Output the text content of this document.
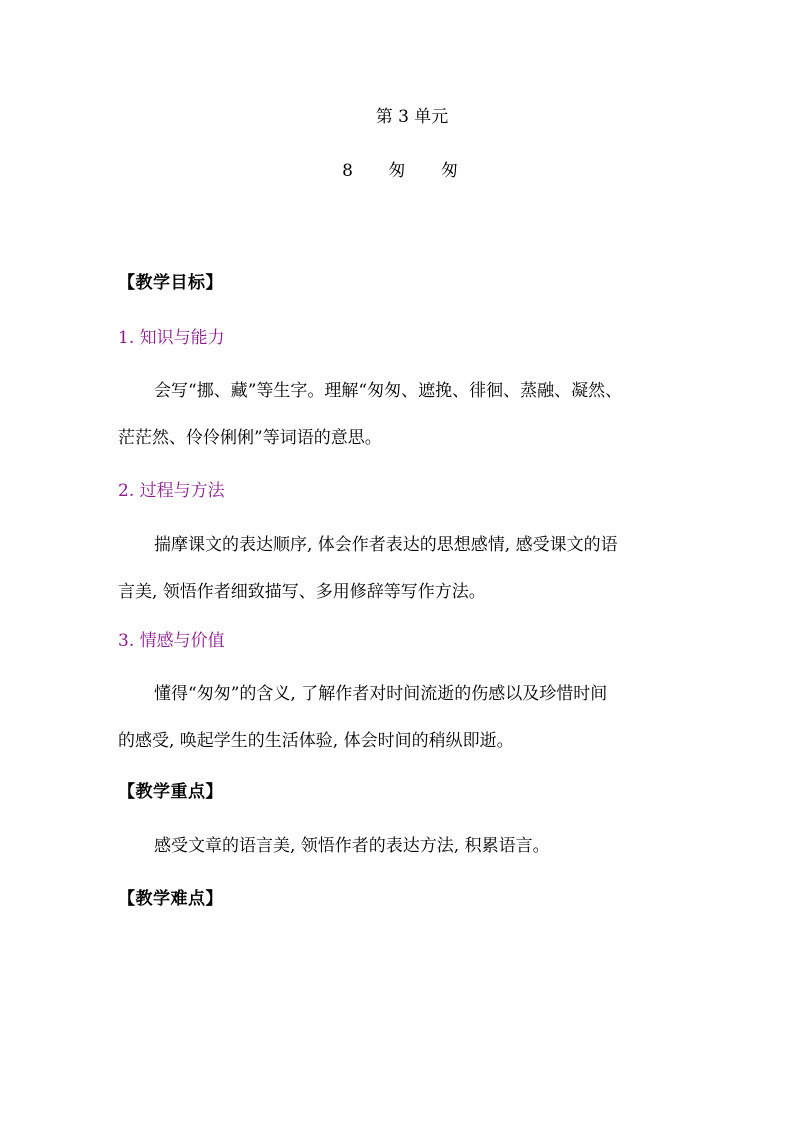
第 3 单元
8 匆 匆
【教学目标】
1. 知识与能力
会写“挪、藏”等生字。理解“匆匆、遮挽、徘徊、蒸融、凝然、
茫茫然、伶伶俐俐”等词语的意思。
2. 过程与方法
揣摩课文的表达顺序, 体会作者表达的思想感情, 感受课文的语
言美, 领悟作者细致描写、多用修辞等写作方法。
3. 情感与价值
懂得“匆匆”的含义, 了解作者对时间流逝的伤感以及珍惜时间
的感受, 唤起学生的生活体验, 体会时间的稍纵即逝。
【教学重点】
感受文章的语言美, 领悟作者的表达方法, 积累语言。
【教学难点】
